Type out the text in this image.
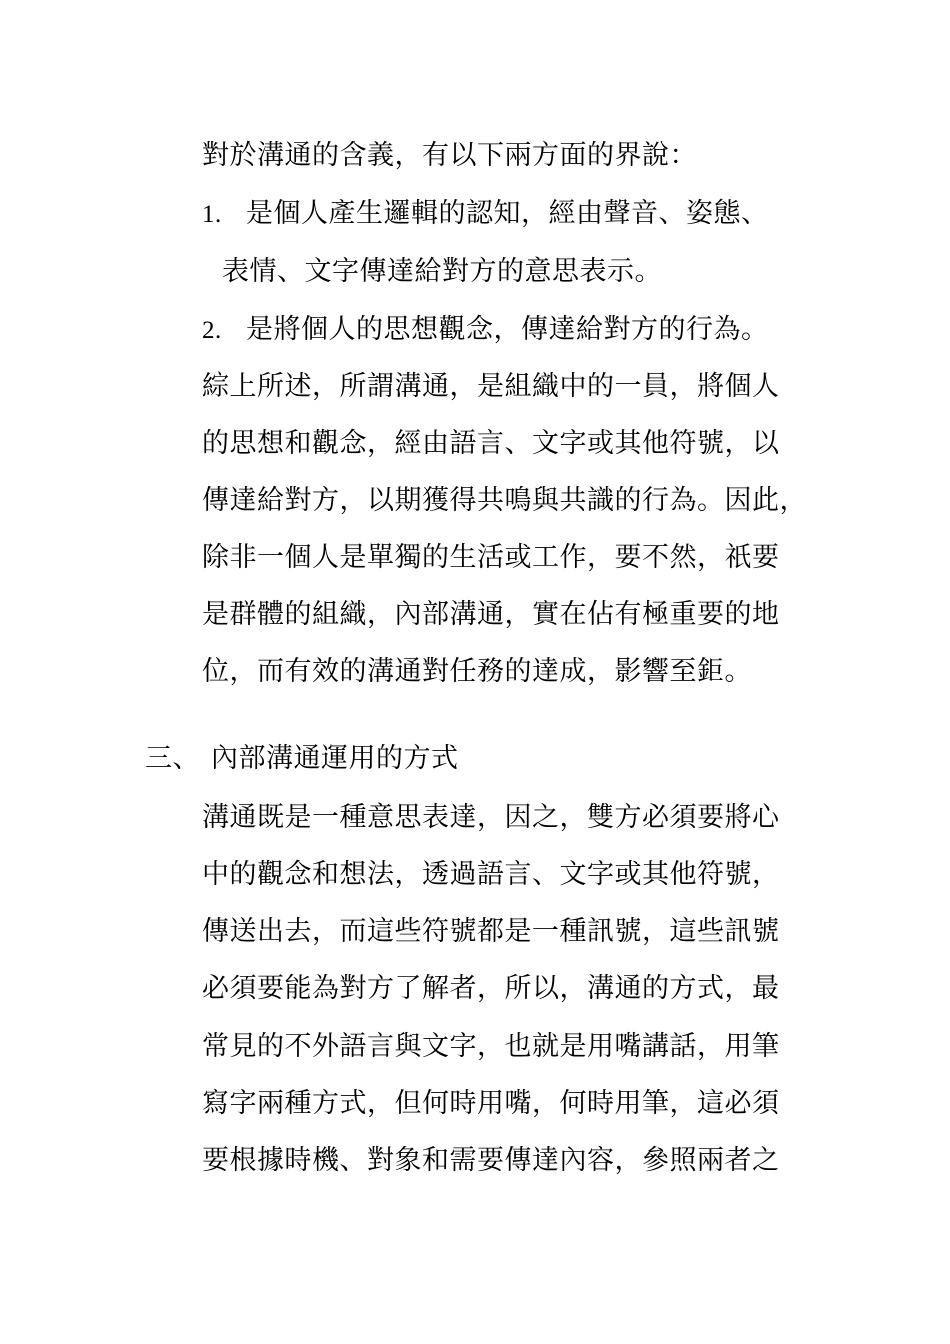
對於溝通的含義，有以下兩方面的界說：
1. 是個人產生邏輯的認知，經由聲音、姿態、
表情、文字傳達給對方的意思表示。
2. 是將個人的思想觀念，傳達給對方的行為。
綜上所述，所謂溝通，是組織中的一員，將個人
的思想和觀念，經由語言、文字或其他符號，以
傳達給對方，以期獲得共鳴與共識的行為。因此，
除非一個人是單獨的生活或工作，要不然，祇要
是群體的組織，內部溝通，實在佔有極重要的地
位，而有效的溝通對任務的達成，影響至鉅。
三、 內部溝通運用的方式
溝通既是一種意思表達，因之，雙方必須要將心
中的觀念和想法，透過語言、文字或其他符號，
傳送出去，而這些符號都是一種訊號，這些訊號
必須要能為對方了解者，所以，溝通的方式，最
常見的不外語言與文字，也就是用嘴講話，用筆
寫字兩種方式，但何時用嘴，何時用筆，這必須
要根據時機、對象和需要傳達內容，參照兩者之
